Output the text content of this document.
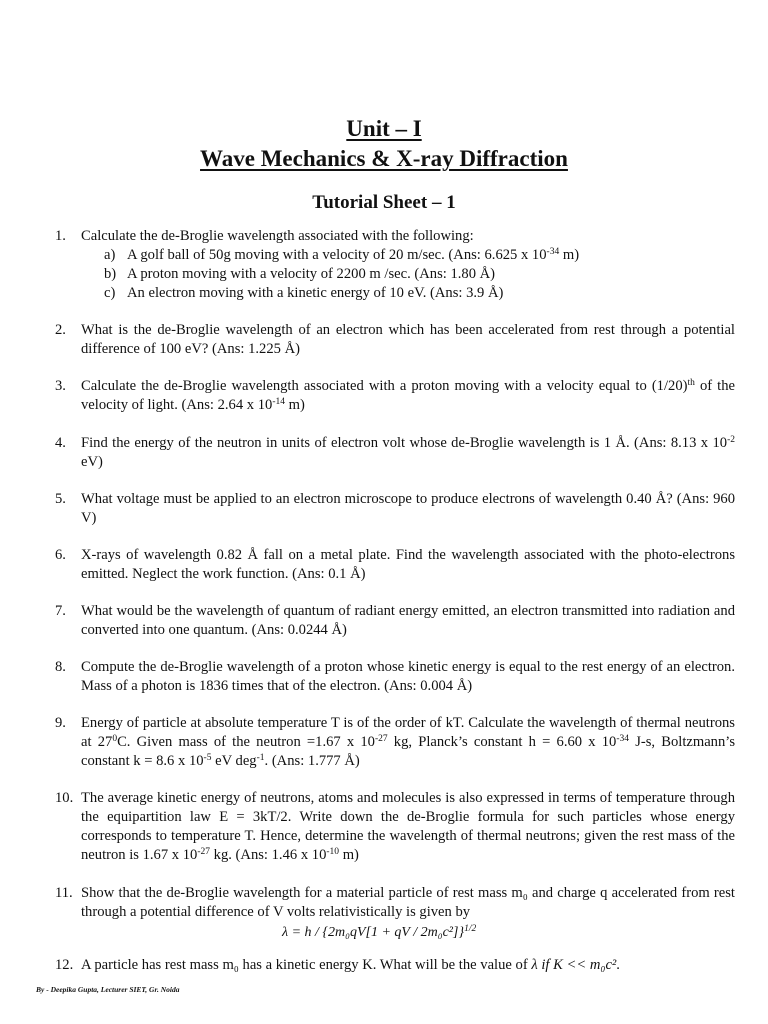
Unit – I
Wave Mechanics & X-ray Diffraction
Tutorial Sheet – 1
1. Calculate the de-Broglie wavelength associated with the following:

a) A golf ball of 50g moving with a velocity of 20 m/sec. (Ans: 6.625 x $10^{-34}$ m)
b) A proton moving with a velocity of 2200 m /sec. (Ans: 1.80 Å)
c) An electron moving with a kinetic energy of 10 eV. (Ans: 3.9 Å)
2. What is the de-Broglie wavelength of an electron which has been accelerated from rest through a potential difference of 100 eV? (Ans: 1.225 Å)

3. Calculate the de-Broglie wavelength associated with a proton moving with a velocity equal to $(1/20)^{th}$ of the velocity of light. (Ans: 2.64 x $10^{-14}$ m)

4. Find the energy of the neutron in units of electron volt whose de-Broglie wavelength is 1 Å. (Ans: 8.13 x $10^{-2}$ eV)

5. What voltage must be applied to an electron microscope to produce electrons of wavelength 0.40 Å? (Ans: 960 V)

6. X-rays of wavelength 0.82 Å fall on a metal plate. Find the wavelength associated with the photo-electrons emitted. Neglect the work function. (Ans: 0.1 Å)

7. What would be the wavelength of quantum of radiant energy emitted, an electron transmitted into radiation and converted into one quantum. (Ans: 0.0244 Å)

8. Compute the de-Broglie wavelength of a proton whose kinetic energy is equal to the rest energy of an electron. Mass of a photon is 1836 times that of the electron. (Ans: 0.004 Å)

9. Energy of particle at absolute temperature T is of the order of kT. Calculate the wavelength of thermal neutrons at $27^0C$. Given mass of the neutron =1.67 x $10^{-27}$ kg, Planck’s constant h = 6.60 x $10^{-34}$ J-s, Boltzmann’s constant k = 8.6 x $10^{-5}$ eV deg$^{-1}$. (Ans: 1.777 Å)

10. The average kinetic energy of neutrons, atoms and molecules is also expressed in terms of temperature through the equipartition law E = 3kT/2. Write down the de-Broglie formula for such particles whose energy corresponds to temperature T. Hence, determine the wavelength of thermal neutrons; given the rest mass of the neutron is 1.67 x $10^{-27}$ kg. (Ans: 1.46 x $10^{-10}$ m)

11. Show that the de-Broglie wavelength for a material particle of rest mass m₀ and charge q accelerated from rest through a potential difference of V volts relativistically is given by

λ = h / {2m₀qV[1 + qV / 2m₀c²]}$^{1/2}$
12. A particle has rest mass m₀ has a kinetic energy K. What will be the value of λ if K << m₀c².

By - Deepika Gupta, Lecturer SIET, Gr. Noida
